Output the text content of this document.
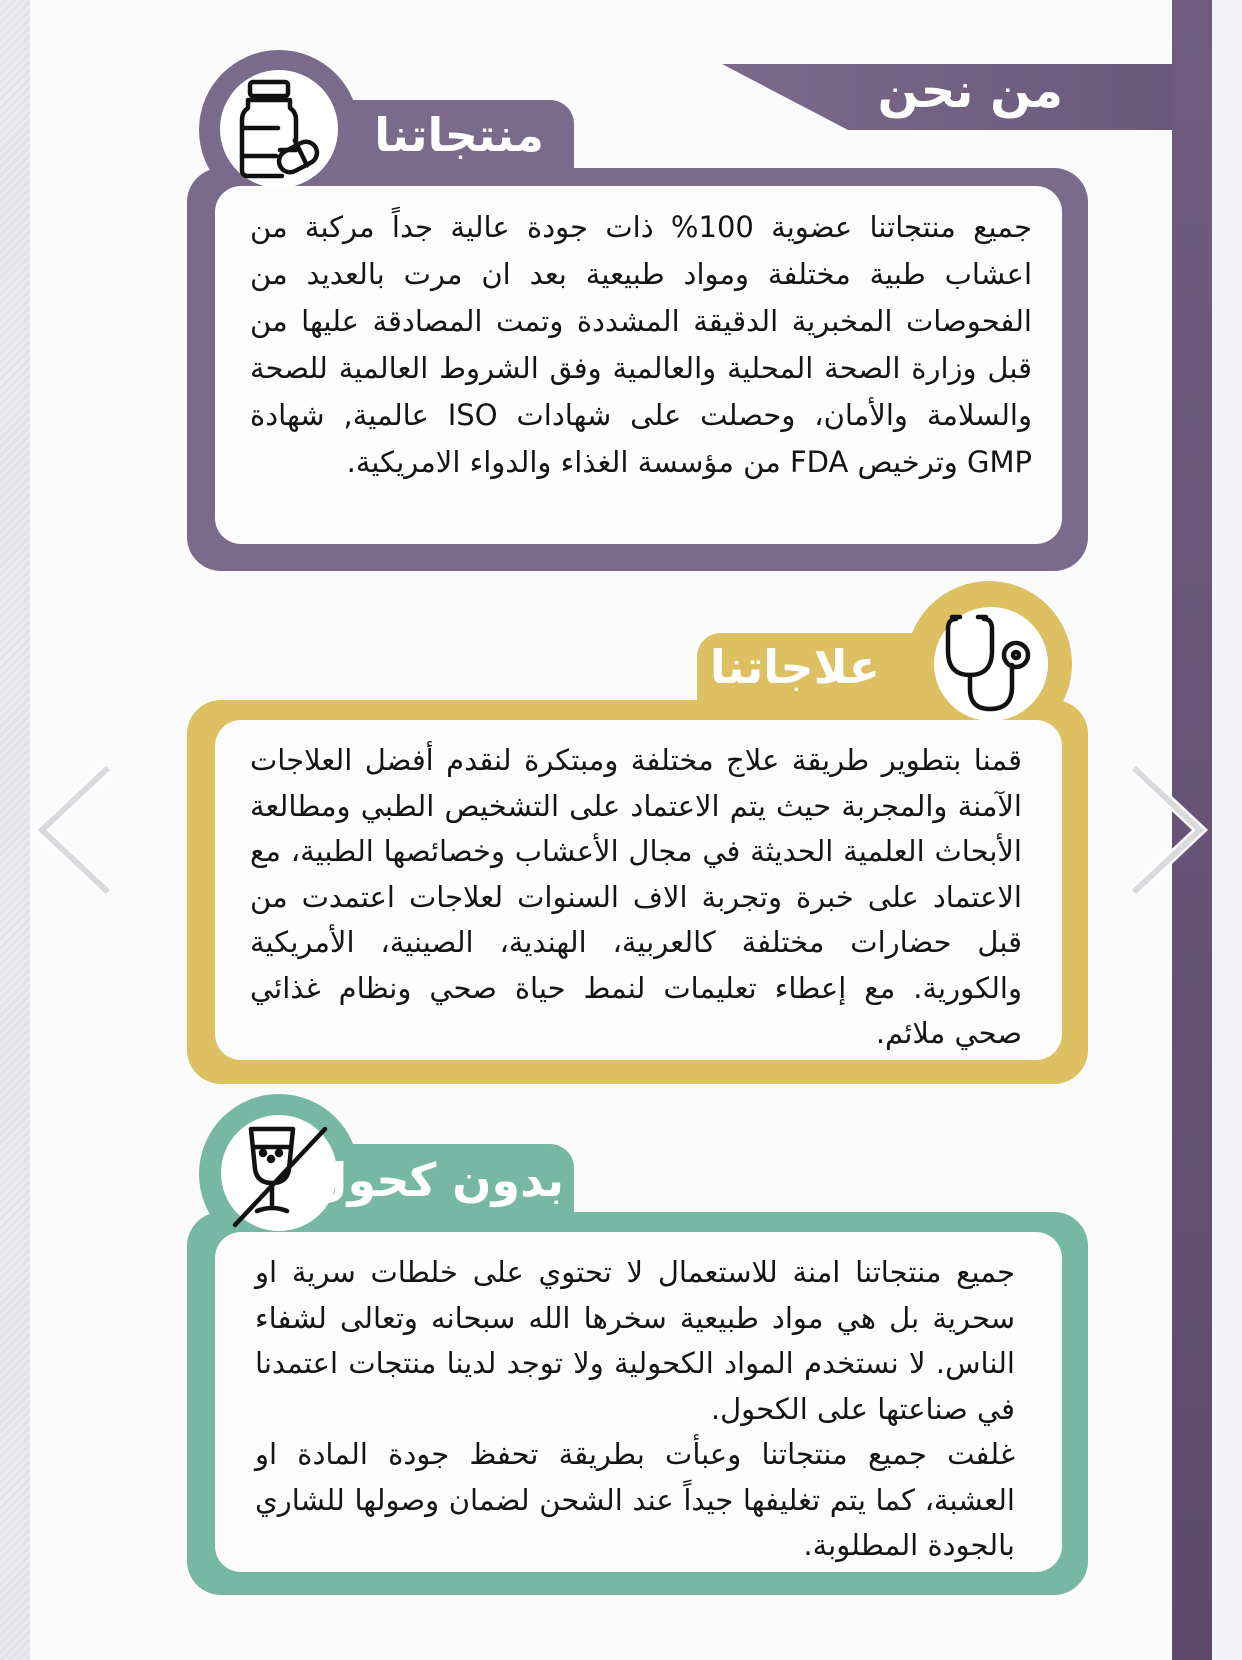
من نحن
منتجاتنا
جميع منتجاتنا عضوية 100% ذات جودة عالية جداً مركبة من اعشاب طبية مختلفة ومواد طبيعية بعد ان مرت بالعديد من الفحوصات المخبرية الدقيقة المشددة وتمت المصادقة عليها من قبل وزارة الصحة المحلية والعالمية وفق الشروط العالمية للصحة والسلامة والأمان، وحصلت على شهادات ISO عالمية, شهادة GMP وترخيص FDA من مؤسسة الغذاء والدواء الامريكية.
علاجاتنا
قمنا بتطوير طريقة علاج مختلفة ومبتكرة لنقدم أفضل العلاجات الآمنة والمجربة حيث يتم الاعتماد على التشخيص الطبي ومطالعة الأبحاث العلمية الحديثة في مجال الأعشاب وخصائصها الطبية، مع الاعتماد على خبرة وتجربة الاف السنوات لعلاجات اعتمدت من قبل حضارات مختلفة كالعربية، الهندية، الصينية، الأمريكية والكورية. مع إعطاء تعليمات لنمط حياة صحي ونظام غذائي صحي ملائم.
بدون كحول
جميع منتجاتنا امنة للاستعمال لا تحتوي على خلطات سرية او سحرية بل هي مواد طبيعية سخرها الله سبحانه وتعالى لشفاء الناس. لا نستخدم المواد الكحولية ولا توجد لدينا منتجات اعتمدنا في صناعتها على الكحول.
غلفت جميع منتجاتنا وعبأت بطريقة تحفظ جودة المادة او العشبة، كما يتم تغليفها جيداً عند الشحن لضمان وصولها للشاري بالجودة المطلوبة.
